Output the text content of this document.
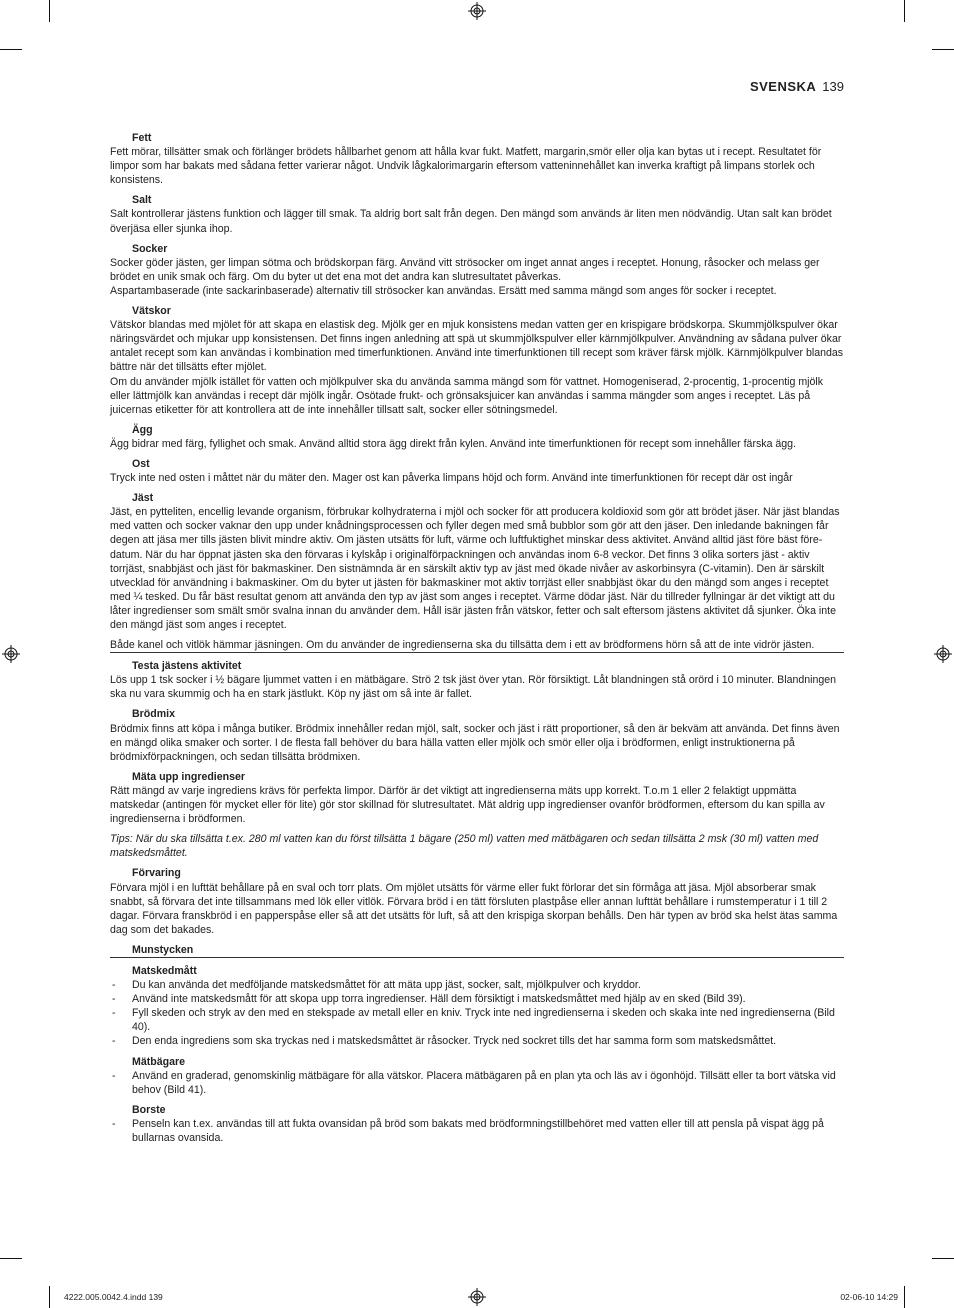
SVENSKA 139
Fett

Fett mörar, tillsätter smak och förlänger brödets hållbarhet genom att hålla kvar fukt. Matfett, margarin,smör eller olja kan bytas ut i recept. Resultatet för limpor som har bakats med sådana fetter varierar något. Undvik lågkalorimargarin eftersom vatteninnehållet kan inverka kraftigt på limpans storlek och konsistens.

Salt

Salt kontrollerar jästens funktion och lägger till smak. Ta aldrig bort salt från degen. Den mängd som används är liten men nödvändig. Utan salt kan brödet överjäsa eller sjunka ihop.

Socker

Socker göder jästen, ger limpan sötma och brödskorpan färg. Använd vitt strösocker om inget annat anges i receptet. Honung, råsocker och melass ger brödet en unik smak och färg. Om du byter ut det ena mot det andra kan slutresultatet påverkas.

Aspartambaserade (inte sackarinbaserade) alternativ till strösocker kan användas. Ersätt med samma mängd som anges för socker i receptet.

Vätskor

Vätskor blandas med mjölet för att skapa en elastisk deg. Mjölk ger en mjuk konsistens medan vatten ger en krispigare brödskorpa. Skummjölkspulver ökar näringsvärdet och mjukar upp konsistensen. Det finns ingen anledning att spä ut skummjölkspulver eller kärnmjölkpulver. Användning av sådana pulver ökar antalet recept som kan användas i kombination med timerfunktionen. Använd inte timerfunktionen till recept som kräver färsk mjölk. Kärnmjölkpulver blandas bättre när det tillsätts efter mjölet.

Om du använder mjölk istället för vatten och mjölkpulver ska du använda samma mängd som för vattnet. Homogeniserad, 2-procentig, 1-procentig mjölk eller lättmjölk kan användas i recept där mjölk ingår. Osötade frukt- och grönsaksjuicer kan användas i samma mängder som anges i receptet. Läs på juicernas etiketter för att kontrollera att de inte innehåller tillsatt salt, socker eller sötningsmedel.

Ägg

Ägg bidrar med färg, fyllighet och smak. Använd alltid stora ägg direkt från kylen. Använd inte timerfunktionen för recept som innehåller färska ägg.

Ost

Tryck inte ned osten i måttet när du mäter den. Mager ost kan påverka limpans höjd och form. Använd inte timerfunktionen för recept där ost ingår

Jäst

Jäst, en pytteliten, encellig levande organism, förbrukar kolhydraterna i mjöl och socker för att producera koldioxid som gör att brödet jäser. När jäst blandas med vatten och socker vaknar den upp under knådningsprocessen och fyller degen med små bubblor som gör att den jäser. Den inledande bakningen får degen att jäsa mer tills jästen blivit mindre aktiv. Om jästen utsätts för luft, värme och luftfuktighet minskar dess aktivitet. Använd alltid jäst före bäst före-datum. När du har öppnat jästen ska den förvaras i kylskåp i originalförpackningen och användas inom 6-8 veckor. Det finns 3 olika sorters jäst - aktiv torrjäst, snabbjäst och jäst för bakmaskiner. Den sistnämnda är en särskilt aktiv typ av jäst med ökade nivåer av askorbinsyra (C-vitamin). Den är särskilt utvecklad för användning i bakmaskiner. Om du byter ut jästen för bakmaskiner mot aktiv torrjäst eller snabbjäst ökar du den mängd som anges i receptet med ¼ tesked. Du får bäst resultat genom att använda den typ av jäst som anges i receptet. Värme dödar jäst. När du tillreder fyllningar är det viktigt att du låter ingredienser som smält smör svalna innan du använder dem. Håll isär jästen från vätskor, fetter och salt eftersom jästens aktivitet då sjunker. Öka inte den mängd jäst som anges i receptet.

Både kanel och vitlök hämmar jäsningen. Om du använder de ingredienserna ska du tillsätta dem i ett av brödformens hörn så att de inte vidrör jästen.

Testa jästens aktivitet

Lös upp 1 tsk socker i ½ bägare ljummet vatten i en mätbägare. Strö 2 tsk jäst över ytan. Rör försiktigt. Låt blandningen stå orörd i 10 minuter. Blandningen ska nu vara skummig och ha en stark jästlukt. Köp ny jäst om så inte är fallet.

Brödmix

Brödmix finns att köpa i många butiker. Brödmix innehåller redan mjöl, salt, socker och jäst i rätt proportioner, så den är bekväm att använda. Det finns även en mängd olika smaker och sorter. I de flesta fall behöver du bara hälla vatten eller mjölk och smör eller olja i brödformen, enligt instruktionerna på brödmixförpackningen, och sedan tillsätta brödmixen.

Mäta upp ingredienser

Rätt mängd av varje ingrediens krävs för perfekta limpor. Därför är det viktigt att ingredienserna mäts upp korrekt. T.o.m 1 eller 2 felaktigt uppmätta matskedar (antingen för mycket eller för lite) gör stor skillnad för slutresultatet. Mät aldrig upp ingredienser ovanför brödformen, eftersom du kan spilla av ingredienserna i brödformen.

Tips: När du ska tillsätta t.ex. 280 ml vatten kan du först tillsätta 1 bägare (250 ml) vatten med mätbägaren och sedan tillsätta 2 msk (30 ml) vatten med matskedsmåttet.

Förvaring

Förvara mjöl i en lufttät behållare på en sval och torr plats. Om mjölet utsätts för värme eller fukt förlorar det sin förmåga att jäsa. Mjöl absorberar smak snabbt, så förvara det inte tillsammans med lök eller vitlök. Förvara bröd i en tätt försluten plastpåse eller annan lufttät behållare i rumstemperatur i 1 till 2 dagar. Förvara franskbröd i en papperspåse eller så att det utsätts för luft, så att den krispiga skorpan behålls. Den här typen av bröd ska helst ätas samma dag som det bakades.

Munstycken
Matskedmått
- Du kan använda det medföljande matskedsmåttet för att mäta upp jäst, socker, salt, mjölkpulver och kryddor.
- Använd inte matskedsmått för att skopa upp torra ingredienser. Häll dem försiktigt i matskedsmåttet med hjälp av en sked (Bild 39).
- Fyll skeden och stryk av den med en stekspade av metall eller en kniv. Tryck inte ned ingredienserna i skeden och skaka inte ned ingredienserna (Bild 40).
- Den enda ingrediens som ska tryckas ned i matskedsmåttet är råsocker. Tryck ned sockret tills det har samma form som matskedsmåttet.
Mätbägare
- Använd en graderad, genomskinlig mätbägare för alla vätskor. Placera mätbägaren på en plan yta och läs av i ögonhöjd. Tillsätt eller ta bort vätska vid behov (Bild 41).
Borste
- Penseln kan t.ex. användas till att fukta ovansidan på bröd som bakats med brödformningstillbehöret med vatten eller till att pensla på vispat ägg på bullarnas ovansida.
4222.005.0042.4.indd 139	02-06-10 14:29
